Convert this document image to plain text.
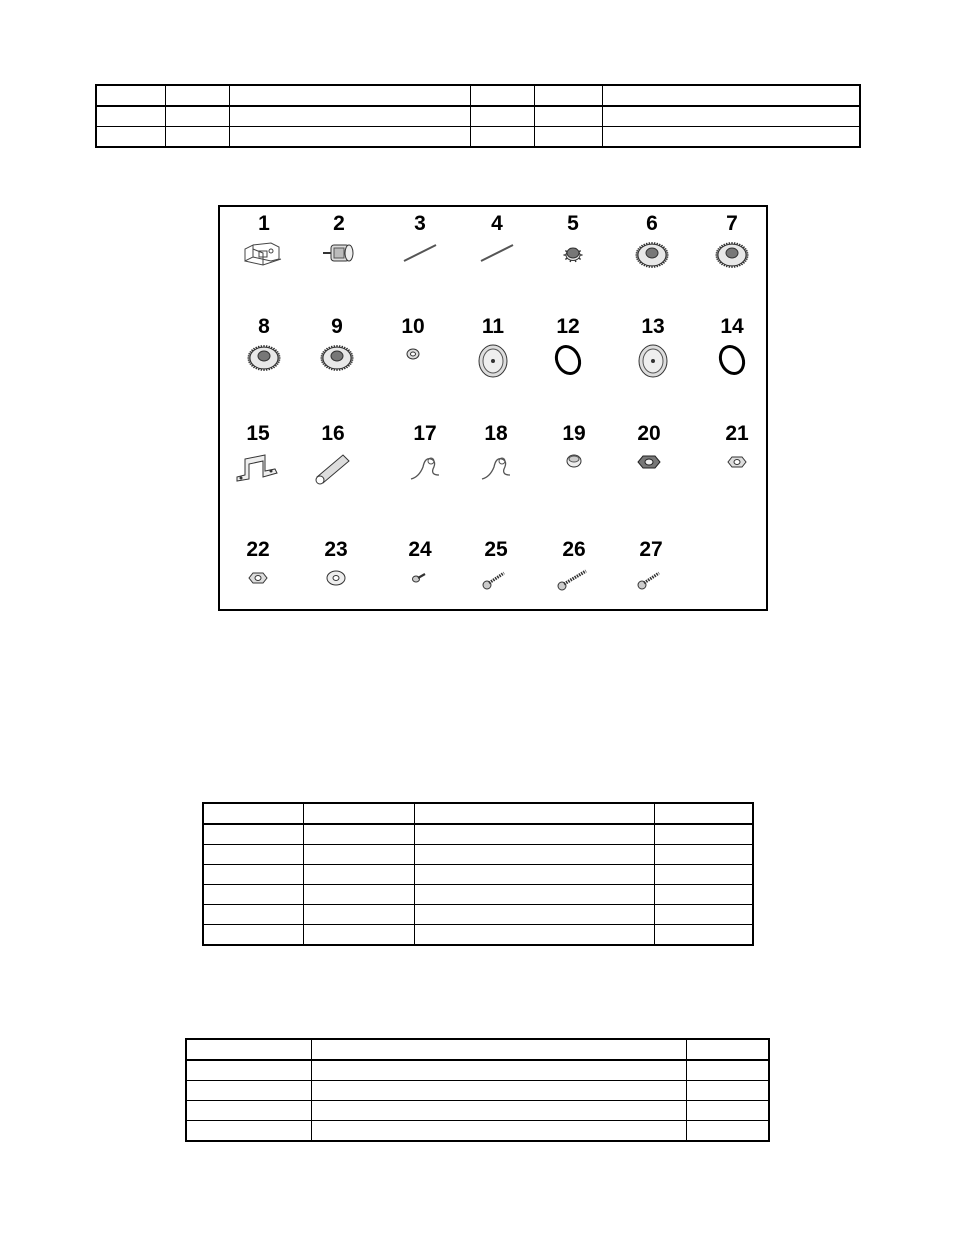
1	2	3	4	5	6	7
8	9	10	11	12	13	14
15	16	17	18	19	20	21
22	23	24	25	26	27
